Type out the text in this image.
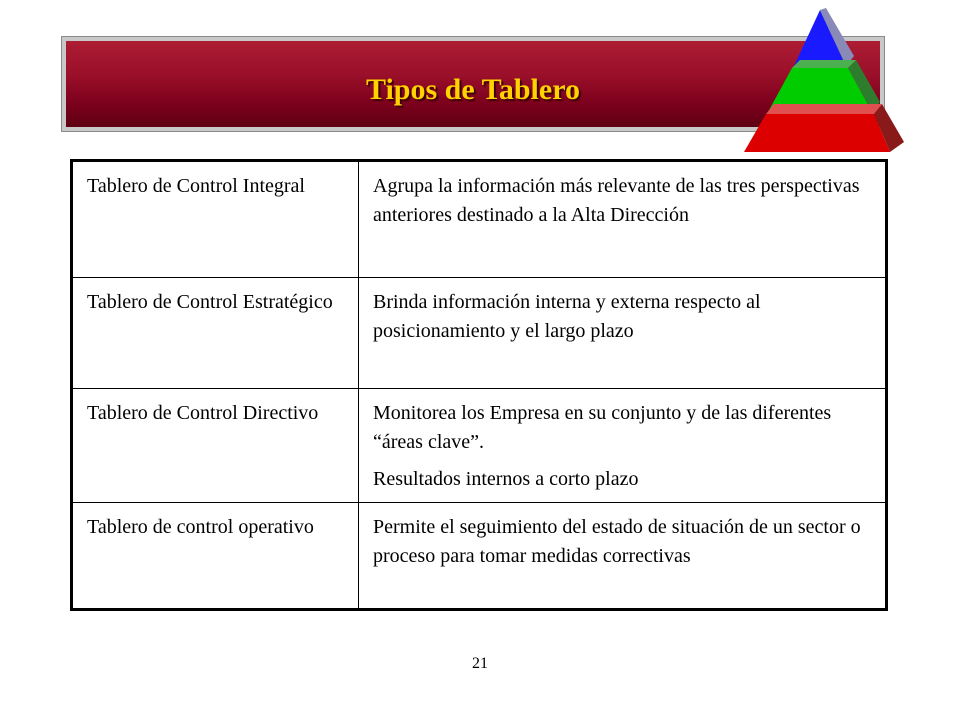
Tipos de Tablero
Tablero de Control Integral	Agrupa la información más relevante de las tres perspectivas anteriores destinado a la Alta Dirección

Tablero de Control Estratégico	Brinda información interna y externa respecto al posicionamiento y el largo plazo

Tablero de Control Directivo	Monitorea los Empresa en su conjunto y de las diferentes “áreas clave”.

Resultados internos a corto plazo

Tablero de control operativo	Permite el seguimiento del estado de situación de un sector o proceso para tomar medidas correctivas

21
